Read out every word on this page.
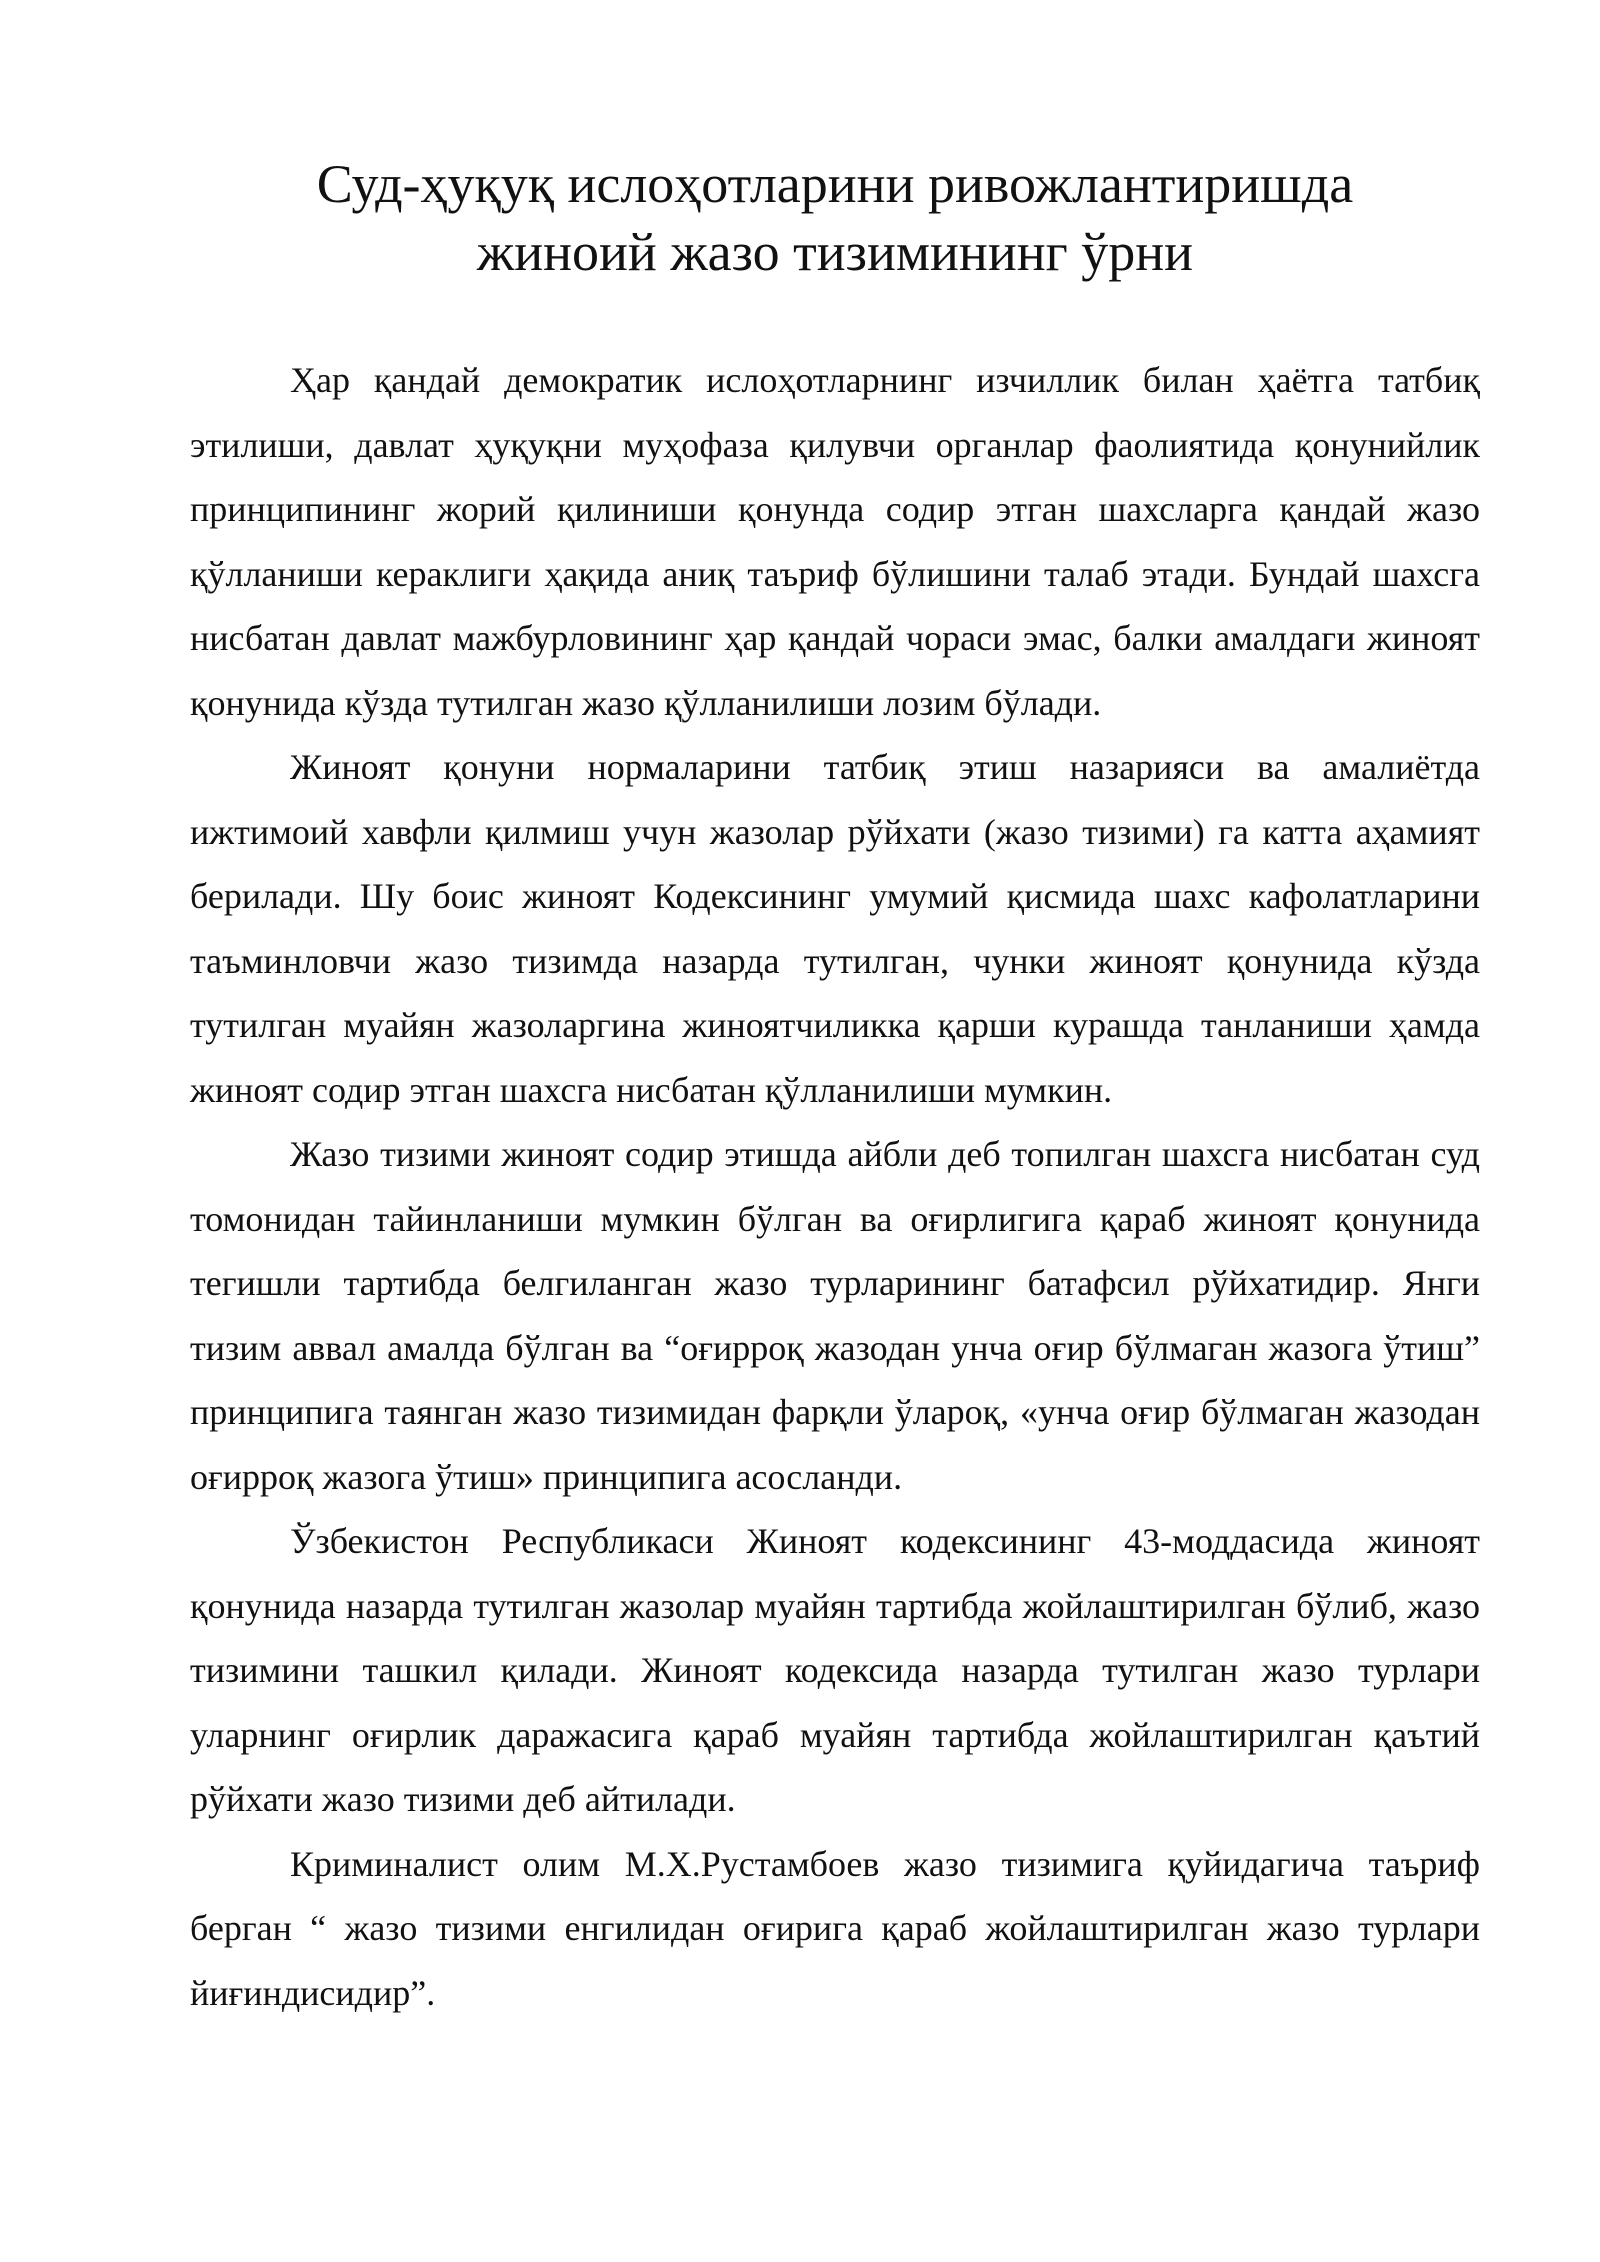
Суд-ҳуқуқ ислоҳотларини ривожлантиришда
жиноий жазо тизимининг ўрни

Ҳар қандай демократик ислоҳотларнинг изчиллик билан ҳаётга татбиқ этилиши, давлат ҳуқуқни муҳофаза қилувчи органлар фаолиятида қонунийлик принципининг жорий қилиниши қонунда содир этган шахсларга қандай жазо қўлланиши кераклиги ҳақида аниқ таъриф бўлишини талаб этади. Бундай шахсга нисбатан давлат мажбурловининг ҳар қандай чораси эмас, балки амалдаги жиноят қонунида кўзда тутилган жазо қўлланилиши лозим бўлади.

Жиноят қонуни нормаларини татбиқ этиш назарияси ва амалиётда ижтимоий хавфли қилмиш учун жазолар рўйхати (жазо тизими) га катта аҳамият берилади. Шу боис жиноят Кодексининг умумий қисмида шахс кафолатларини таъминловчи жазо тизимда назарда тутилган, чунки жиноят қонунида кўзда тутилган муайян жазоларгина жиноятчиликка қарши курашда танланиши ҳамда жиноят содир этган шахсга нисбатан қўлланилиши мумкин.

Жазо тизими жиноят содир этишда айбли деб топилган шахсга нисбатан суд томонидан тайинланиши мумкин бўлган ва оғирлигига қараб жиноят қонунида тегишли тартибда белгиланган жазо турларининг батафсил рўйхатидир. Янги тизим аввал амалда бўлган ва “оғирроқ жазодан унча оғир бўлмаган жазога ўтиш” принципига таянган жазо тизимидан фарқли ўлароқ, «унча оғир бўлмаган жазодан оғирроқ жазога ўтиш» принципига асосланди.

Ўзбекистон Республикаси Жиноят кодексининг 43-моддасида жиноят қонунида назарда тутилган жазолар муайян тартибда жойлаштирилган бўлиб, жазо тизимини ташкил қилади. Жиноят кодексида назарда тутилган жазо турлари уларнинг оғирлик даражасига қараб муайян тартибда жойлаштирилган қаътий рўйхати жазо тизими деб айтилади.

Криминалист олим М.Х.Рустамбоев жазо тизимига қуйидагича таъриф берган “ жазо тизими енгилидан оғирига қараб жойлаштирилган жазо турлари йиғиндисидир”.
